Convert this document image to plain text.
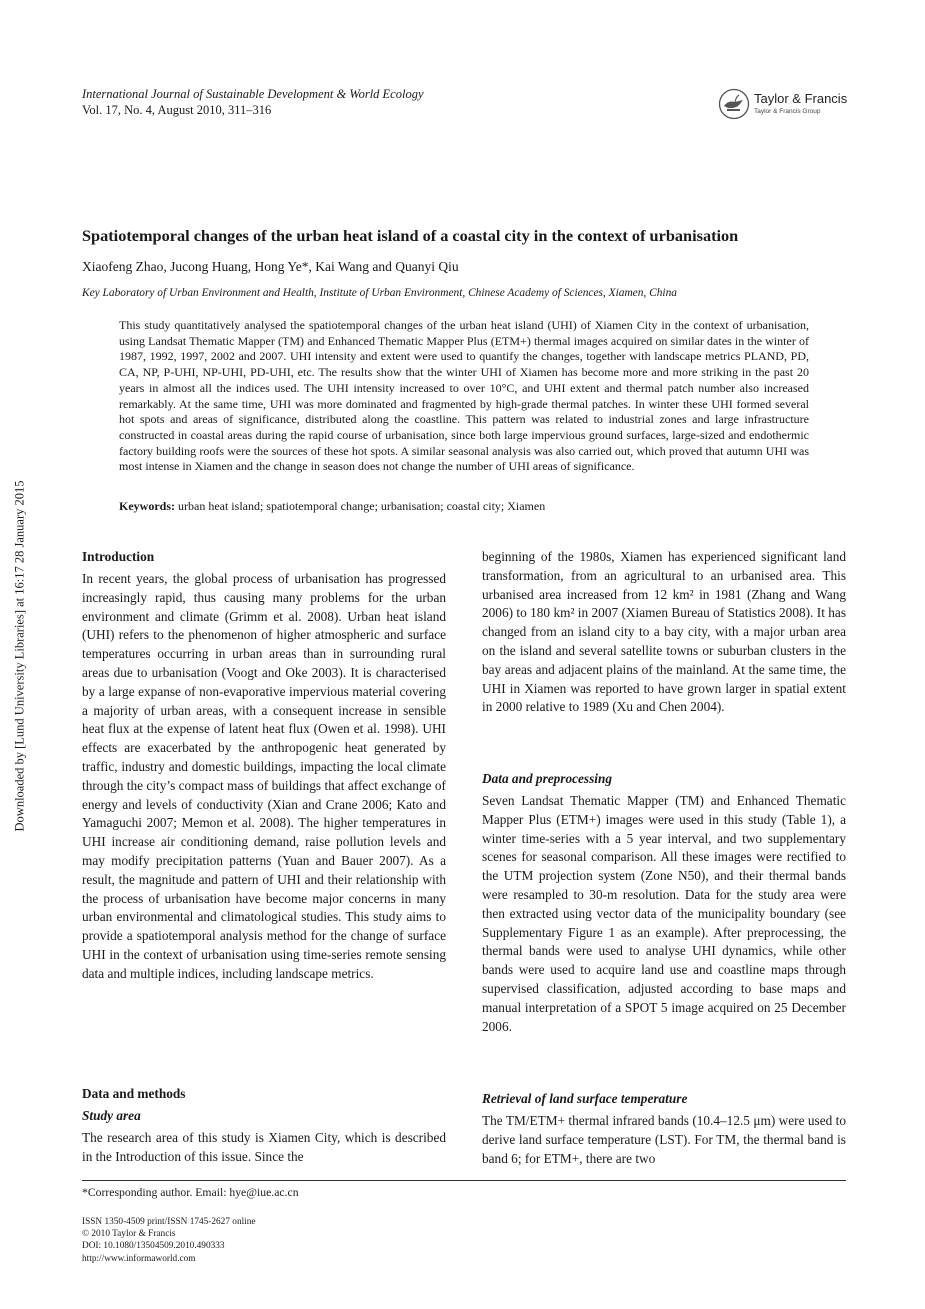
International Journal of Sustainable Development & World Ecology
Vol. 17, No. 4, August 2010, 311–316
Taylor & Francis
Taylor & Francis Group
Downloaded by [Lund University Libraries] at 16:17 28 January 2015
Spatiotemporal changes of the urban heat island of a coastal city in the context of urbanisation
Xiaofeng Zhao, Jucong Huang, Hong Ye*, Kai Wang and Quanyi Qiu
Key Laboratory of Urban Environment and Health, Institute of Urban Environment, Chinese Academy of Sciences, Xiamen, China
This study quantitatively analysed the spatiotemporal changes of the urban heat island (UHI) of Xiamen City in the context of urbanisation, using Landsat Thematic Mapper (TM) and Enhanced Thematic Mapper Plus (ETM+) thermal images acquired on similar dates in the winter of 1987, 1992, 1997, 2002 and 2007. UHI intensity and extent were used to quantify the changes, together with landscape metrics PLAND, PD, CA, NP, P-UHI, NP-UHI, PD-UHI, etc. The results show that the winter UHI of Xiamen has become more and more striking in the past 20 years in almost all the indices used. The UHI intensity increased to over 10°C, and UHI extent and thermal patch number also increased remarkably. At the same time, UHI was more dominated and fragmented by high-grade thermal patches. In winter these UHI formed several hot spots and areas of significance, distributed along the coastline. This pattern was related to industrial zones and large infrastructure constructed in coastal areas during the rapid course of urbanisation, since both large impervious ground surfaces, large-sized and endothermic factory building roofs were the sources of these hot spots. A similar seasonal analysis was also carried out, which proved that autumn UHI was most intense in Xiamen and the change in season does not change the number of UHI areas of significance.
Keywords: urban heat island; spatiotemporal change; urbanisation; coastal city; Xiamen
Introduction

In recent years, the global process of urbanisation has progressed increasingly rapid, thus causing many problems for the urban environment and climate (Grimm et al. 2008). Urban heat island (UHI) refers to the phenomenon of higher atmospheric and surface temperatures occurring in urban areas than in surrounding rural areas due to urbanisation (Voogt and Oke 2003). It is characterised by a large expanse of non-evaporative impervious material covering a majority of urban areas, with a consequent increase in sensible heat flux at the expense of latent heat flux (Owen et al. 1998). UHI effects are exacerbated by the anthropogenic heat generated by traffic, industry and domestic buildings, impacting the local climate through the city’s compact mass of buildings that affect exchange of energy and levels of conductivity (Xian and Crane 2006; Kato and Yamaguchi 2007; Memon et al. 2008). The higher temperatures in UHI increase air conditioning demand, raise pollution levels and may modify precipitation patterns (Yuan and Bauer 2007). As a result, the magnitude and pattern of UHI and their relationship with the process of urbanisation have become major concerns in many urban environmental and climatological studies. This study aims to provide a spatiotemporal analysis method for the change of surface UHI in the context of urbanisation using time-series remote sensing data and multiple indices, including landscape metrics.

Data and methods
Study area

The research area of this study is Xiamen City, which is described in the Introduction of this issue. Since the

beginning of the 1980s, Xiamen has experienced significant land transformation, from an agricultural to an urbanised area. This urbanised area increased from 12 km² in 1981 (Zhang and Wang 2006) to 180 km² in 2007 (Xiamen Bureau of Statistics 2008). It has changed from an island city to a bay city, with a major urban area on the island and several satellite towns or suburban clusters in the bay areas and adjacent plains of the mainland. At the same time, the UHI in Xiamen was reported to have grown larger in spatial extent in 2000 relative to 1989 (Xu and Chen 2004).

Data and preprocessing

Seven Landsat Thematic Mapper (TM) and Enhanced Thematic Mapper Plus (ETM+) images were used in this study (Table 1), a winter time-series with a 5 year interval, and two supplementary scenes for seasonal comparison. All these images were rectified to the UTM projection system (Zone N50), and their thermal bands were resampled to 30-m resolution. Data for the study area were then extracted using vector data of the municipality boundary (see Supplementary Figure 1 as an example). After preprocessing, the thermal bands were used to analyse UHI dynamics, while other bands were used to acquire land use and coastline maps through supervised classification, adjusted according to base maps and manual interpretation of a SPOT 5 image acquired on 25 December 2006.

Retrieval of land surface temperature

The TM/ETM+ thermal infrared bands (10.4–12.5 μm) were used to derive land surface temperature (LST). For TM, the thermal band is band 6; for ETM+, there are two

*Corresponding author. Email: hye@iue.ac.cn
ISSN 1350-4509 print/ISSN 1745-2627 online
© 2010 Taylor & Francis
DOI: 10.1080/13504509.2010.490333
http://www.informaworld.com
